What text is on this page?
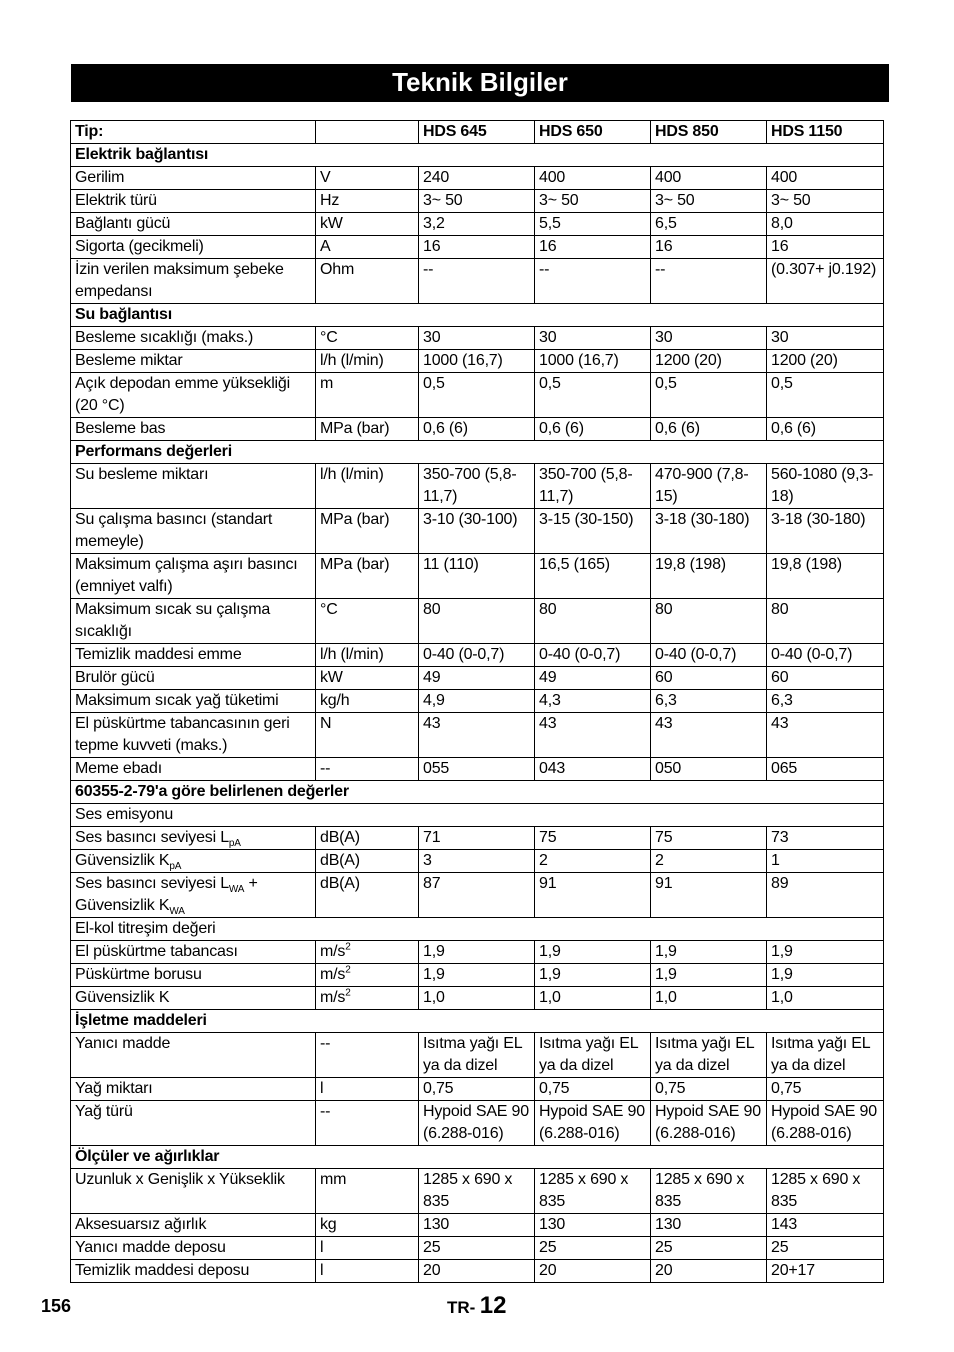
Teknik Bilgiler
Tip:		HDS 645	HDS 650	HDS 850	HDS 1150
Elektrik bağlantısı					
Gerilim	V	240	400	400	400
Elektrik türü	Hz	3~ 50	3~ 50	3~ 50	3~ 50
Bağlantı gücü	kW	3,2	5,5	6,5	8,0
Sigorta (gecikmeli)	A	16	16	16	16
İzin verilen maksimum şebeke empedansı	Ohm	--	--	--	(0.307+ j0.192)
Su bağlantısı					
Besleme sıcaklığı (maks.)	°C	30	30	30	30
Besleme miktar	l/h (l/min)	1000 (16,7)	1000 (16,7)	1200 (20)	1200 (20)
Açık depodan emme yüksekliği (20 °C)	m	0,5	0,5	0,5	0,5
Besleme bas	MPa (bar)	0,6 (6)	0,6 (6)	0,6 (6)	0,6 (6)
Performans değerleri					
Su besleme miktarı	l/h (l/min)	350-700 (5,8-11,7)	350-700 (5,8-11,7)	470-900 (7,8-15)	560-1080 (9,3-18)
Su çalışma basıncı (standart memeyle)	MPa (bar)	3-10 (30-100)	3-15 (30-150)	3-18 (30-180)	3-18 (30-180)
Maksimum çalışma aşırı basıncı (emniyet valfı)	MPa (bar)	11 (110)	16,5 (165)	19,8 (198)	19,8 (198)
Maksimum sıcak su çalışma sıcaklığı	°C	80	80	80	80
Temizlik maddesi emme	l/h (l/min)	0-40 (0-0,7)	0-40 (0-0,7)	0-40 (0-0,7)	0-40 (0-0,7)
Brulör gücü	kW	49	49	60	60
Maksimum sıcak yağ tüketimi	kg/h	4,9	4,3	6,3	6,3
El püskürtme tabancasının geri tepme kuvveti (maks.)	N	43	43	43	43
Meme ebadı	--	055	043	050	065
60355-2-79'a göre belirlenen değerler					
Ses emisyonu					
Ses basıncı seviyesi $L_{pA}$	dB(A)	71	75	75	73
Güvensizlik $K_{pA}$	dB(A)	3	2	2	1
Ses basıncı seviyesi $L_{WA}$ + Güvensizlik $K_{WA}$	dB(A)	87	91	91	89
El-kol titreşim değeri					
El püskürtme tabancası	$m/s^2$	1,9	1,9	1,9	1,9
Püskürtme borusu	$m/s^2$	1,9	1,9	1,9	1,9
Güvensizlik K	$m/s^2$	1,0	1,0	1,0	1,0
İşletme maddeleri					
Yanıcı madde	--	Isıtma yağı EL ya da dizel	Isıtma yağı EL ya da dizel	Isıtma yağı EL ya da dizel	Isıtma yağı EL ya da dizel
Yağ miktarı	l	0,75	0,75	0,75	0,75
Yağ türü	--	Hypoid SAE 90 (6.288-016)	Hypoid SAE 90 (6.288-016)	Hypoid SAE 90 (6.288-016)	Hypoid SAE 90 (6.288-016)
Ölçüler ve ağırlıklar					
Uzunluk x Genişlik x Yükseklik	mm	1285 x 690 x 835	1285 x 690 x 835	1285 x 690 x 835	1285 x 690 x 835
Aksesuarsız ağırlık	kg	130	130	130	143
Yanıcı madde deposu	l	25	25	25	25
Temizlik maddesi deposu	l	20	20	20	20+17
156	TR- 12
